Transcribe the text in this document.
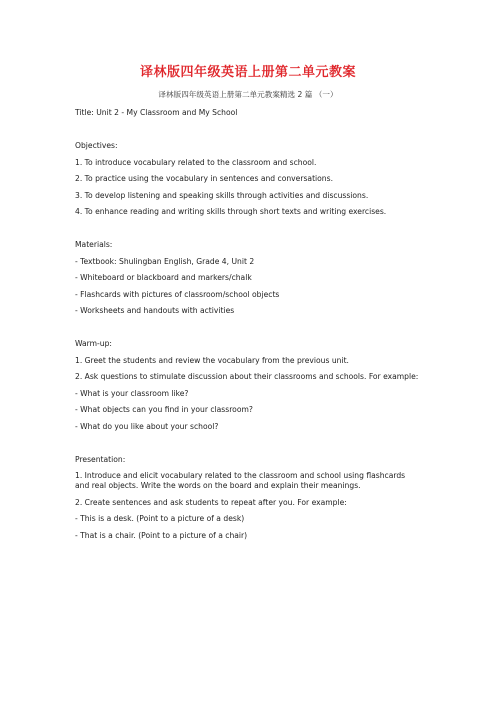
译林版四年级英语上册第二单元教案
译林版四年级英语上册第二单元教案精选 2 篇 （一）
Title: Unit 2 - My Classroom and My School
Objectives:
1. To introduce vocabulary related to the classroom and school.
2. To practice using the vocabulary in sentences and conversations.
3. To develop listening and speaking skills through activities and discussions.
4. To enhance reading and writing skills through short texts and writing exercises.
Materials:
- Textbook: Shulingban English, Grade 4, Unit 2
- Whiteboard or blackboard and markers/chalk
- Flashcards with pictures of classroom/school objects
- Worksheets and handouts with activities
Warm-up:
1. Greet the students and review the vocabulary from the previous unit.
2. Ask questions to stimulate discussion about their classrooms and schools. For example:
- What is your classroom like?
- What objects can you find in your classroom?
- What do you like about your school?
Presentation:
1. Introduce and elicit vocabulary related to the classroom and school using flashcards and real objects. Write the words on the board and explain their meanings.
2. Create sentences and ask students to repeat after you. For example:
- This is a desk. (Point to a picture of a desk)
- That is a chair. (Point to a picture of a chair)
